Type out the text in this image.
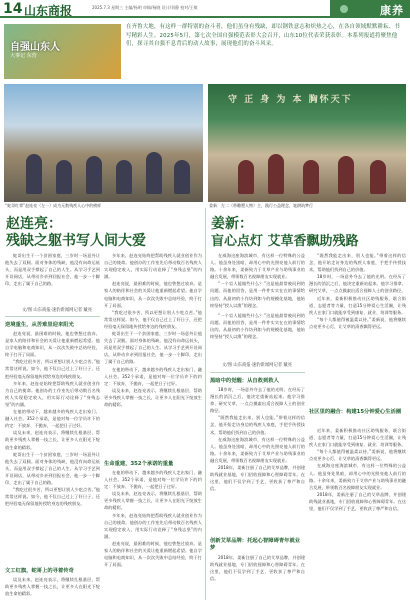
14 山东商报	2025.7.3 星期三 主编/杨明 审稿/杨晓 设计/刘静 校对/王敏	康养
自强山东人
大事记 东营

在齐鲁大地，有这样一群特别的奋斗者，他们虽身有残缺，却以钢铁意志和炽热之心，在各自领域默默耕耘、书写精彩人生。2025年5月，第七次全国自强模范表彰大会召开，山东10位代表荣获表彰。本系列报道将聚焦他们，探寻其自强不息背后的动人故事，展现他们的奋斗风采。

守 正 身 为 本 胸怀天下
“蛇哥红掌”赵连亮（左一）成为无数残疾人心中的榜样	姜新：左二（带雕塑人物）主，践行公益理念，笔耕筑梦行
赵连亮：
残缺之躯书写人间大爱

蛇哥出生于一个贫困家庭，三岁时一场意外让他失去了双腿。面对身体的残缺，他没有向命运低头，而是用双手撑起了自己的人生。从学习手艺到开设网店，从带动乡亲到回报社会，他一步一个脚印，走出了属于自己的路。

文/图 山东商报·速豹新闻网记者 戴亮
逆境重生，从苦难里迎来阳光

赵连亮说，最困难的时候，他也曾想过放弃。是家人的陪伴和社会的关爱让他重新燃起希望。他自学电脑和电商知识，从一次次失败中总结经验，终于打开了局面。

“我吃过很多苦，所以更想让别人少吃点苦。”他常常这样说。如今，他不仅自己过上了好日子，还把经验毫无保留地传授给身边的残疾朋友。

多年来，赵连亮始终把帮助残疾人就业创业作为自己的使命。他创办的工作室先后带动数百名残疾人实现稳定收入，用实际行动诠释了“身残志坚”的内涵。

在他的带动下，越来越多的残疾人走出家门、融入社会。352个承诺，是他对每一位学员许下的约定：不放弃、不抛弃，一起把日子过好。

谈及未来，赵连亮表示，将继续扎根基层，帮助更多残疾人掌握一技之长，让更多人在阳光下绽放生命的精彩。

蛇哥出生于一个贫困家庭，三岁时一场意外让他失去了双腿。面对身体的残缺，他没有向命运低头，而是用双手撑起了自己的人生。从学习手艺到开设网店，从带动乡亲到回报社会，他一步一个脚印，走出了属于自己的路。

“我吃过很多苦，所以更想让别人少吃点苦。”他常常这样说。如今，他不仅自己过上了好日子，还把经验毫无保留地传授给身边的残疾朋友。

文工红旗，蛇哥上的寻着传奇

谈及未来，赵连亮表示，将继续扎根基层，帮助更多残疾人掌握一技之长，让更多人在阳光下绽放生命的精彩。

多年来，赵连亮始终把帮助残疾人就业创业作为自己的使命。他创办的工作室先后带动数百名残疾人实现稳定收入，用实际行动诠释了“身残志坚”的内涵。

赵连亮说，最困难的时候，他也曾想过放弃。是家人的陪伴和社会的关爱让他重新燃起希望。他自学电脑和电商知识，从一次次失败中总结经验，终于打开了局面。

“我吃过很多苦，所以更想让别人少吃点苦。”他常常这样说。如今，他不仅自己过上了好日子，还把经验毫无保留地传授给身边的残疾朋友。

蛇哥出生于一个贫困家庭，三岁时一场意外让他失去了双腿。面对身体的残缺，他没有向命运低头，而是用双手撑起了自己的人生。从学习手艺到开设网店，从带动乡亲到回报社会，他一步一个脚印，走出了属于自己的路。

在他的带动下，越来越多的残疾人走出家门、融入社会。352个承诺，是他对每一位学员许下的约定：不放弃、不抛弃，一起把日子过好。

谈及未来，赵连亮表示，将继续扎根基层，帮助更多残疾人掌握一技之长，让更多人在阳光下绽放生命的精彩。

生命重建，352个承诺的重量

在他的带动下，越来越多的残疾人走出家门、融入社会。352个承诺，是他对每一位学员许下的约定：不放弃、不抛弃，一起把日子过好。

谈及未来，赵连亮表示，将继续扎根基层，帮助更多残疾人掌握一技之长，让更多人在阳光下绽放生命的精彩。

多年来，赵连亮始终把帮助残疾人就业创业作为自己的使命。他创办的工作室先后带动数百名残疾人实现稳定收入，用实际行动诠释了“身残志坚”的内涵。

赵连亮说，最困难的时候，他也曾想过放弃。是家人的陪伴和社会的关爱让他重新燃起希望。他自学电脑和电商知识，从一次次失败中总结经验，终于打开了局面。

姜新：
盲心点灯 艾草香飘助残路

在威海这座海滨城市，有这样一位特殊的公益人。他虽身处黑暗，却用心中的光照亮他人前行的路。十余年来，姜新致力于艾草产业与助残事业的融合发展，带领数百名视障朋友实现就业。

“一个盲人能做些什么？”这是他最常被问到的问题。而他的回答，是用一件件实实在在的事情给出的。从最初的小作坊到如今的规模化基地，他始终坚持“授人以渔”的理念。

“一个盲人能做些什么？”这是他最常被问到的问题。而他的回答，是用一件件实实在在的事情给出的。从最初的小作坊到如今的规模化基地，他始终坚持“授人以渔”的理念。

文/图 山东商报·速豹新闻网记者 戴亮
黑暗中的觉醒：从自救到救人

18岁时，一场意外夺去了他的光明。在经历了漫长的消沉之后，他决定重新站起来。他学习推拿、研究艾草，一点点摸索出适合视障人士的创业路径。

“既然我能走出来，别人也能。”带着这样的信念，他开始走访身边的残疾人家庭，手把手传授技术，帮助他们找到自己的价值。

在威海这座海滨城市，有这样一位特殊的公益人。他虽身处黑暗，却用心中的光照亮他人前行的路。十余年来，姜新致力于艾草产业与助残事业的融合发展，带领数百名视障朋友实现就业。

2018年，姜新注册了自己的艾草品牌，并创建助残就业基地，专门招收视障和心智障碍青年。在这里，他们不仅学到了手艺，更收获了尊严和自信。

创新艾草品牌：托起心智障碍青年就业梦

2018年，姜新注册了自己的艾草品牌，并创建助残就业基地，专门招收视障和心智障碍青年。在这里，他们不仅学到了手艺，更收获了尊严和自信。

“既然我能走出来，别人也能。”带着这样的信念，他开始走访身边的残疾人家庭，手把手传授技术，帮助他们找到自己的价值。

18岁时，一场意外夺去了他的光明。在经历了漫长的消沉之后，他决定重新站起来。他学习推拿、研究艾草，一点点摸索出适合视障人士的创业路径。

近年来，姜新积极推动社区助残服务，联合街道、志愿者等力量，打造15分钟爱心生活圈，让残疾人在家门口就能享受到康复、就业、培训等服务。

“每个人都值得被温柔以待。”姜新说，他将继续点亮更多心灯，让艾草的清香飘得更远。

社区里的融合：构建15分钟爱心生活圈

近年来，姜新积极推动社区助残服务，联合街道、志愿者等力量，打造15分钟爱心生活圈，让残疾人在家门口就能享受到康复、就业、培训等服务。

“每个人都值得被温柔以待。”姜新说，他将继续点亮更多心灯，让艾草的清香飘得更远。

在威海这座海滨城市，有这样一位特殊的公益人。他虽身处黑暗，却用心中的光照亮他人前行的路。十余年来，姜新致力于艾草产业与助残事业的融合发展，带领数百名视障朋友实现就业。

2018年，姜新注册了自己的艾草品牌，并创建助残就业基地，专门招收视障和心智障碍青年。在这里，他们不仅学到了手艺，更收获了尊严和自信。
